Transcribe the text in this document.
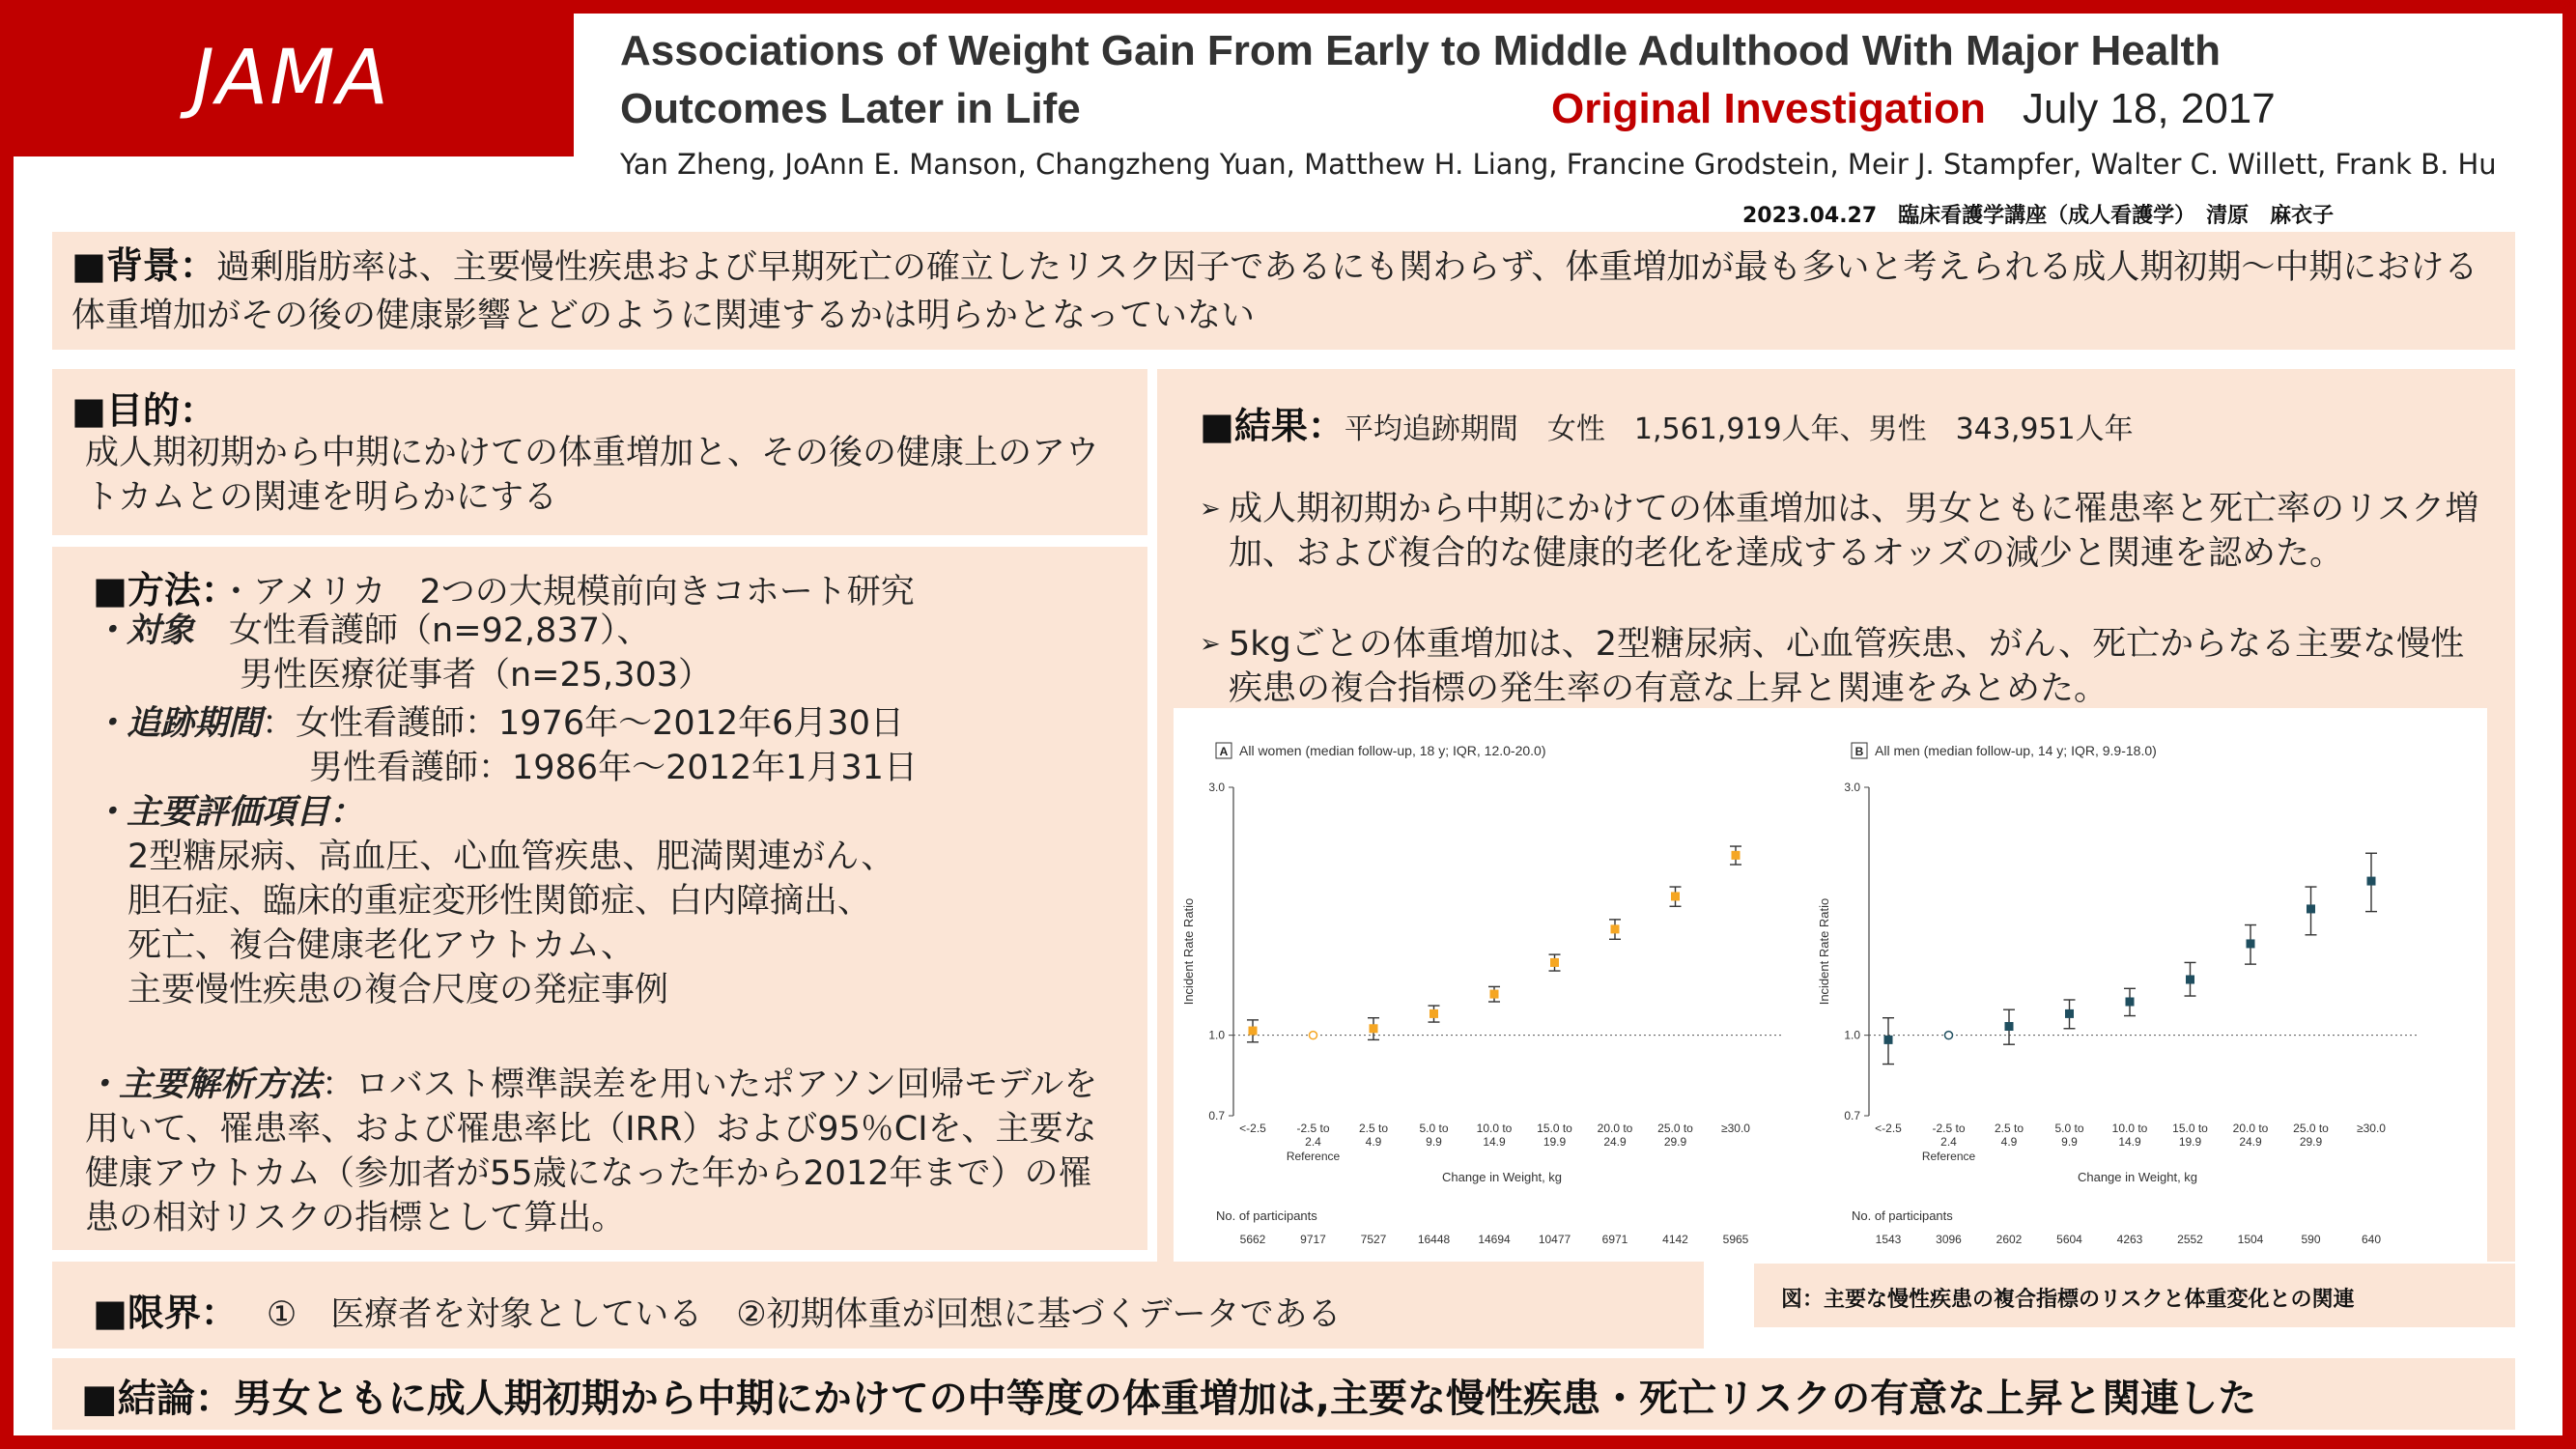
JAMA	Associations of Weight Gain From Early to Middle Adulthood With Major Health
Outcomes Later in Life	Original Investigation July 18, 2017
Yan Zheng, JoAnn E. Manson, Changzheng Yuan, Matthew H. Liang, Francine Grodstein, Meir J. Stampfer, Walter C. Willett, Frank B. Hu
2023.04.27　臨床看護学講座（成人看護学）　清原　麻衣子
■背景：過剰脂肪率は、主要慢性疾患および早期死亡の確立したリスク因子であるにも関わらず、体重増加が最も多いと考えられる成人期初期～中期における体重増加がその後の健康影響とどのように関連するかは明らかとなっていない
■目的：
成人期初期から中期にかけての体重増加と、その後の健康上のアウトカムとの関連を明らかにする
■方法：・アメリカ　2つの大規模前向きコホート研究
・対象 女性看護師（n=92,837）、
男性医療従事者（n=25,303）
・追跡期間：女性看護師：1976年～2012年6月30日
男性看護師：1986年～2012年1月31日
・主要評価項目：
2型糖尿病、高血圧、心血管疾患、肥満関連がん、
胆石症、臨床的重症変形性関節症、白内障摘出、
死亡、複合健康老化アウトカム、
主要慢性疾患の複合尺度の発症事例
・主要解析方法：ロバスト標準誤差を用いたポアソン回帰モデルを用いて、罹患率、および罹患率比（IRR）および95％CIを、主要な健康アウトカム（参加者が55歳になった年から2012年まで）の罹患の相対リスクの指標として算出。
■結果：平均追跡期間　女性　1,561,919人年、男性　343,951人年
➢ 成人期初期から中期にかけての体重増加は、男女ともに罹患率と死亡率のリスク増加、および複合的な健康的老化を達成するオッズの減少と関連を認めた。
➢ 5kgごとの体重増加は、2型糖尿病、心血管疾患、がん、死亡からなる主要な慢性疾患の複合指標の発生率の有意な上昇と関連をみとめた。
A All women (median follow-up, 18 y; IQR, 12.0-20.0)
0.7
1.0
3.0
Incident Rate Ratio
<-2.5
5662
-2.5 to
2.4
9717
2.5 to
4.9
7527
5.0 to
9.9
16448
10.0 to
14.9
14694
15.0 to
19.9
10477
20.0 to
24.9
6971
25.0 to
29.9
4142
≥30.0
5965
Reference
Change in Weight, kg
No. of participants
B All men (median follow-up, 14 y; IQR, 9.9-18.0)
0.7
1.0
3.0
Incident Rate Ratio
<-2.5
1543
-2.5 to
2.4
3096
2.5 to
4.9
2602
5.0 to
9.9
5604
10.0 to
14.9
4263
15.0 to
19.9
2552
20.0 to
24.9
1504
25.0 to
29.9
590
≥30.0
640
Reference
Change in Weight, kg
No. of participants
図：主要な慢性疾患の複合指標のリスクと体重変化との関連
■限界： ①　医療者を対象としている　②初期体重が回想に基づくデータである
■結論：男女ともに成人期初期から中期にかけての中等度の体重増加は,主要な慢性疾患・死亡リスクの有意な上昇と関連した
